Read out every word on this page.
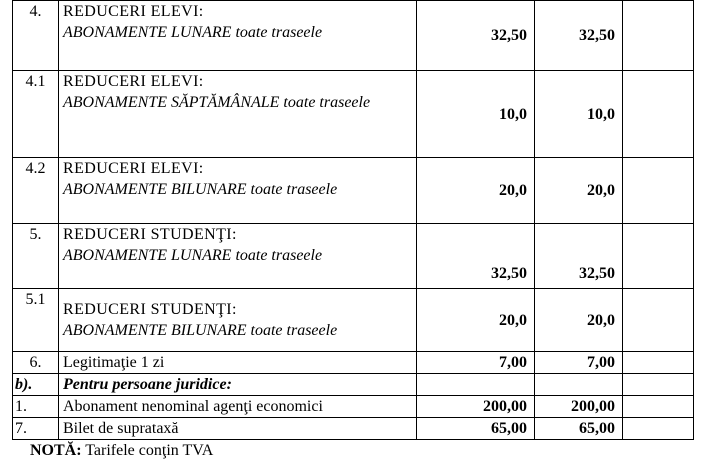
4.	REDUCERI ELEVI:
ABONAMENTE LUNARE toate traseele	32,50	32,50	
4.1	REDUCERI ELEVI:
ABONAMENTE SĂPTĂMÂNALE toate traseele	10,0	10,0	
4.2	REDUCERI ELEVI:
ABONAMENTE BILUNARE toate traseele	20,0	20,0	
5.	REDUCERI STUDENŢI:
ABONAMENTE LUNARE toate traseele	32,50	32,50	
5.1	REDUCERI STUDENŢI:
ABONAMENTE BILUNARE toate traseele	20,0	20,0	
6.	Legitimaţie 1 zi	7,00	7,00	
b).	Pentru persoane juridice:			
1.	Abonament nenominal agenţi economici	200,00	200,00	
7.	Bilet de suprataxă	65,00	65,00	
NOTĂ: Tarifele conţin TVA
